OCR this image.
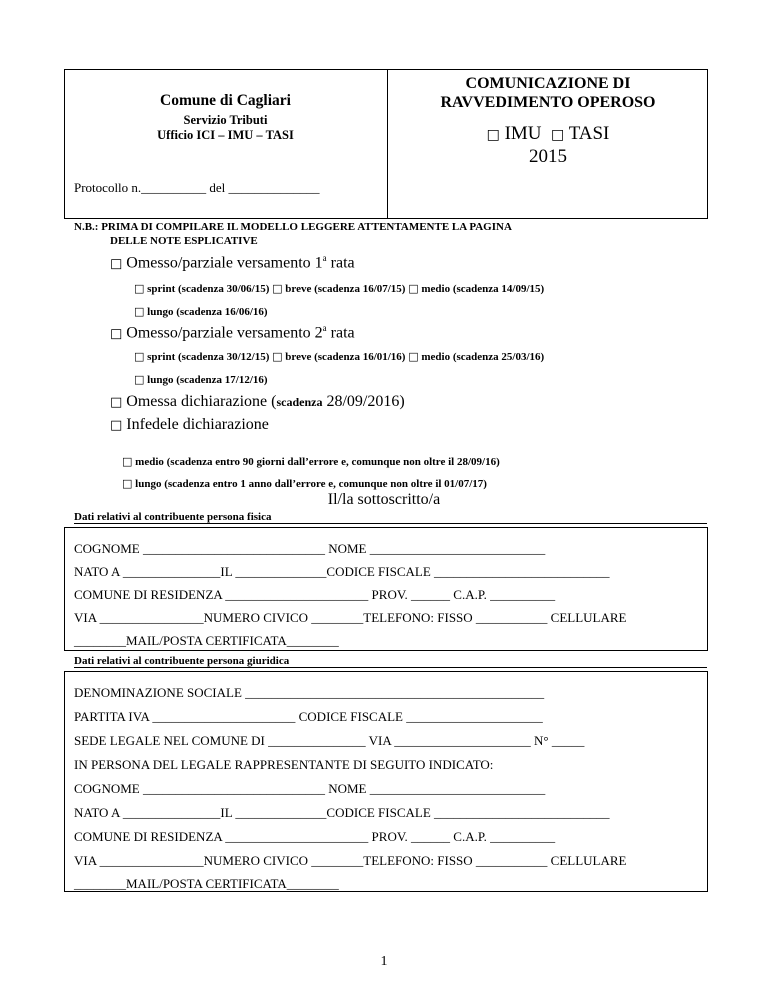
Comune di Cagliari
Servizio Tributi
Ufficio ICI – IMU – TASI
Protocollo n.__________ del ______________
COMUNICAZIONE DI
RAVVEDIMENTO OPEROSO
□ IMU □ TASI
2015
N.B.: PRIMA DI COMPILARE IL MODELLO LEGGERE ATTENTAMENTE LA PAGINA
DELLE NOTE ESPLICATIVE
□ Omesso/parziale versamento 1$^a$ rata
□ sprint (scadenza 30/06/15) □ breve (scadenza 16/07/15) □ medio (scadenza 14/09/15)
□ lungo (scadenza 16/06/16)
□ Omesso/parziale versamento 2$^a$ rata
□ sprint (scadenza 30/12/15) □ breve (scadenza 16/01/16) □ medio (scadenza 25/03/16)
□ lungo (scadenza 17/12/16)
□ Omessa dichiarazione (scadenza 28/09/2016)
□ Infedele dichiarazione
□ medio (scadenza entro 90 giorni dall’errore e, comunque non oltre il 28/09/16)
□ lungo (scadenza entro 1 anno dall’errore e, comunque non oltre il 01/07/17)
Il/la sottoscritto/a
Dati relativi al contribuente persona fisica
COGNOME ____________________________ NOME ___________________________
NATO A _______________IL ______________CODICE FISCALE ___________________________
COMUNE DI RESIDENZA ______________________ PROV. ______ C.A.P. __________
VIA ________________NUMERO CIVICO ________TELEFONO: FISSO ___________ CELLULARE
________MAIL/POSTA CERTIFICATA________
Dati relativi al contribuente persona giuridica
DENOMINAZIONE SOCIALE ______________________________________________
PARTITA IVA ______________________ CODICE FISCALE _____________________
SEDE LEGALE NEL COMUNE DI _______________ VIA _____________________ N° _____
IN PERSONA DEL LEGALE RAPPRESENTANTE DI SEGUITO INDICATO:
COGNOME ____________________________ NOME ___________________________
NATO A _______________IL ______________CODICE FISCALE ___________________________
COMUNE DI RESIDENZA ______________________ PROV. ______ C.A.P. __________
VIA ________________NUMERO CIVICO ________TELEFONO: FISSO ___________ CELLULARE
________MAIL/POSTA CERTIFICATA________
1
